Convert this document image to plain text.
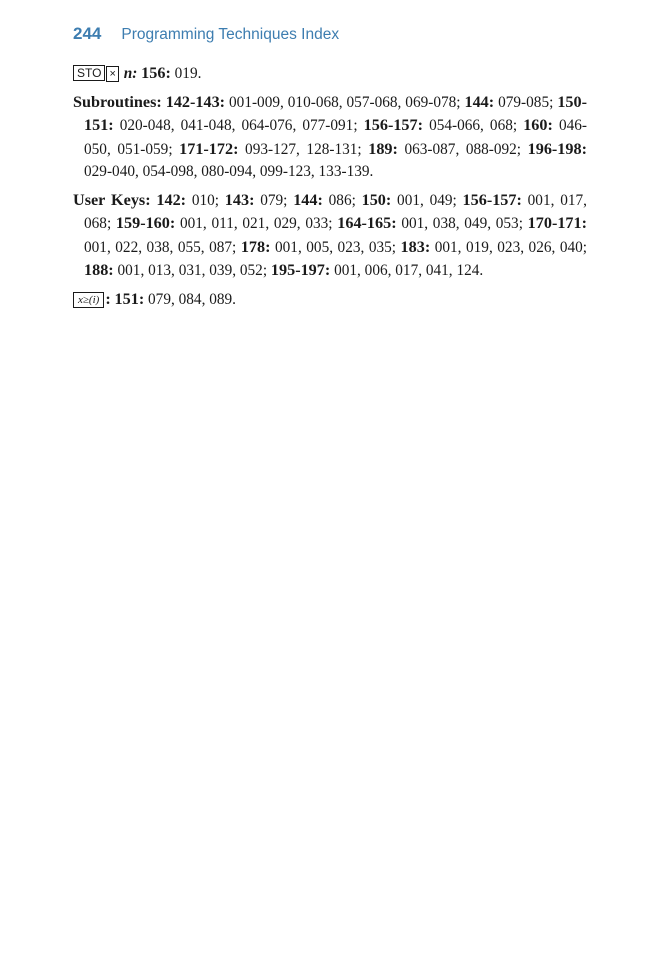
244 Programming Techniques Index
STO × n: 156: 019.
Subroutines: 142-143: 001-009, 010-068, 057-068, 069-078; 144: 079-085; 150-151: 020-048, 041-048, 064-076, 077-091; 156-157: 054-066, 068; 160: 046-050, 051-059; 171-172: 093-127, 128-131; 189: 063-087, 088-092; 196-198: 029-040, 054-098, 080-094, 099-123, 133-139.
User Keys: 142: 010; 143: 079; 144: 086; 150: 001, 049; 156-157: 001, 017, 068; 159-160: 001, 011, 021, 029, 033; 164-165: 001, 038, 049, 053; 170-171: 001, 022, 038, 055, 087; 178: 001, 005, 023, 035; 183: 001, 019, 023, 026, 040; 188: 001, 013, 031, 039, 052; 195-197: 001, 006, 017, 041, 124.
x≥(i) : 151: 079, 084, 089.
